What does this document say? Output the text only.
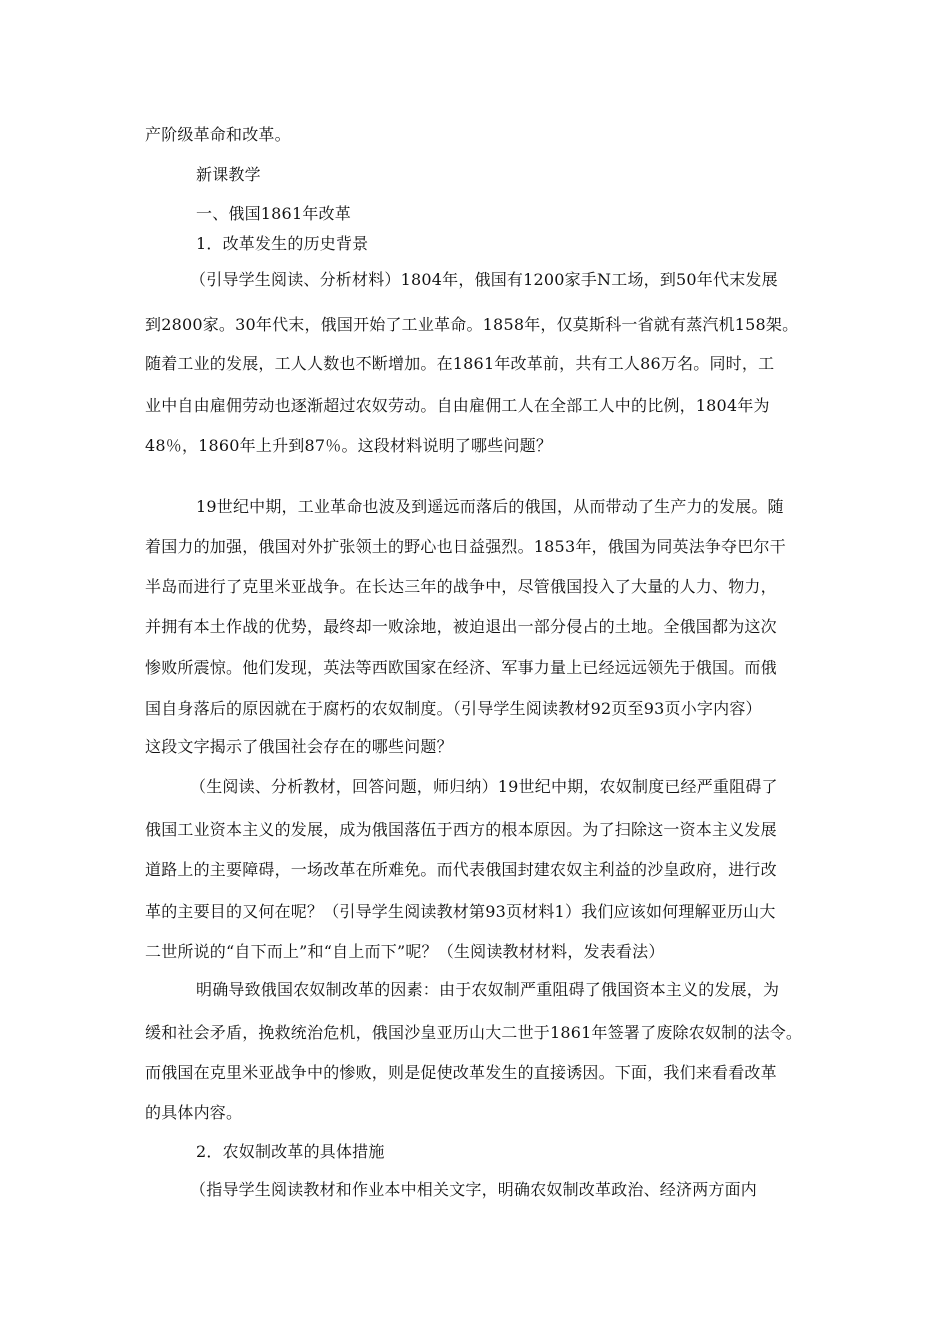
产阶级革命和改革。
新课教学
一、俄国1861年改革
1．改革发生的历史背景
（引导学生阅读、分析材料）1804年，俄国有1200家手N工场，到50年代末发展
到2800家。30年代末，俄国开始了工业革命。1858年，仅莫斯科一省就有蒸汽机158架。
随着工业的发展，工人人数也不断增加。在1861年改革前，共有工人86万名。同时，工
业中自由雇佣劳动也逐渐超过农奴劳动。自由雇佣工人在全部工人中的比例，1804年为
48％，1860年上升到87％。这段材料说明了哪些问题？
19世纪中期，工业革命也波及到遥远而落后的俄国，从而带动了生产力的发展。随
着国力的加强，俄国对外扩张领土的野心也日益强烈。1853年，俄国为同英法争夺巴尔干
半岛而进行了克里米亚战争。在长达三年的战争中，尽管俄国投入了大量的人力、物力，
并拥有本土作战的优势，最终却一败涂地，被迫退出一部分侵占的土地。全俄国都为这次
惨败所震惊。他们发现，英法等西欧国家在经济、军事力量上已经远远领先于俄国。而俄
国自身落后的原因就在于腐朽的农奴制度。（引导学生阅读教材92页至93页小字内容）
这段文字揭示了俄国社会存在的哪些问题？
（生阅读、分析教材，回答问题，师归纳）19世纪中期，农奴制度已经严重阻碍了
俄国工业资本主义的发展，成为俄国落伍于西方的根本原因。为了扫除这一资本主义发展
道路上的主要障碍，一场改革在所难免。而代表俄国封建农奴主利益的沙皇政府，进行改
革的主要目的又何在呢？（引导学生阅读教材第93页材料1）我们应该如何理解亚历山大
二世所说的“自下而上”和“自上而下”呢？（生阅读教材材料，发表看法）
明确导致俄国农奴制改革的因素：由于农奴制严重阻碍了俄国资本主义的发展，为
缓和社会矛盾，挽救统治危机，俄国沙皇亚历山大二世于1861年签署了废除农奴制的法令。
而俄国在克里米亚战争中的惨败，则是促使改革发生的直接诱因。下面，我们来看看改革
的具体内容。
2．农奴制改革的具体措施
（指导学生阅读教材和作业本中相关文字，明确农奴制改革政治、经济两方面内
